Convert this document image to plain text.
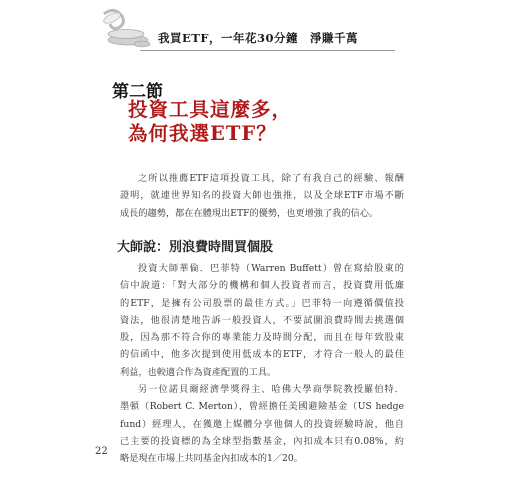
我買ETF，一年花30分鐘　淨賺千萬
第二節
投資工具這麼多，
為何我選ETF？
之所以推薦ETF這項投資工具，除了有我自己的經驗、報酬
證明，就連世界知名的投資大師也強推，以及全球ETF市場不斷
成長的趨勢，都在在體現出ETF的優勢，也更增強了我的信心。
大師說：別浪費時間買個股
投資大師華倫．巴菲特（Warren Buffett）曾在寫給股東的
信中說道：「對大部分的機構和個人投資者而言，投資費用低廉
的ETF，是擁有公司股票的最佳方式。」巴菲特一向遵循價值投
資法，他很清楚地告訴一般投資人，不要試圖浪費時間去挑選個
股，因為那不符合你的專業能力及時間分配，而且在每年致股東
的信函中，他多次提到使用低成本的ETF，才符合一般人的最佳
利益，也較適合作為資產配置的工具。
另一位諾貝爾經濟學獎得主、哈佛大學商學院教授羅伯特．
墨頓（Robert C. Merton），曾經擔任美國避險基金（US hedge
fund）經理人，在獲邀上媒體分享他個人的投資經驗時說，他自
己主要的投資標的為全球型指數基金，內扣成本只有0.08%，約
略是現在市場上共同基金內扣成本的1／20。
22
